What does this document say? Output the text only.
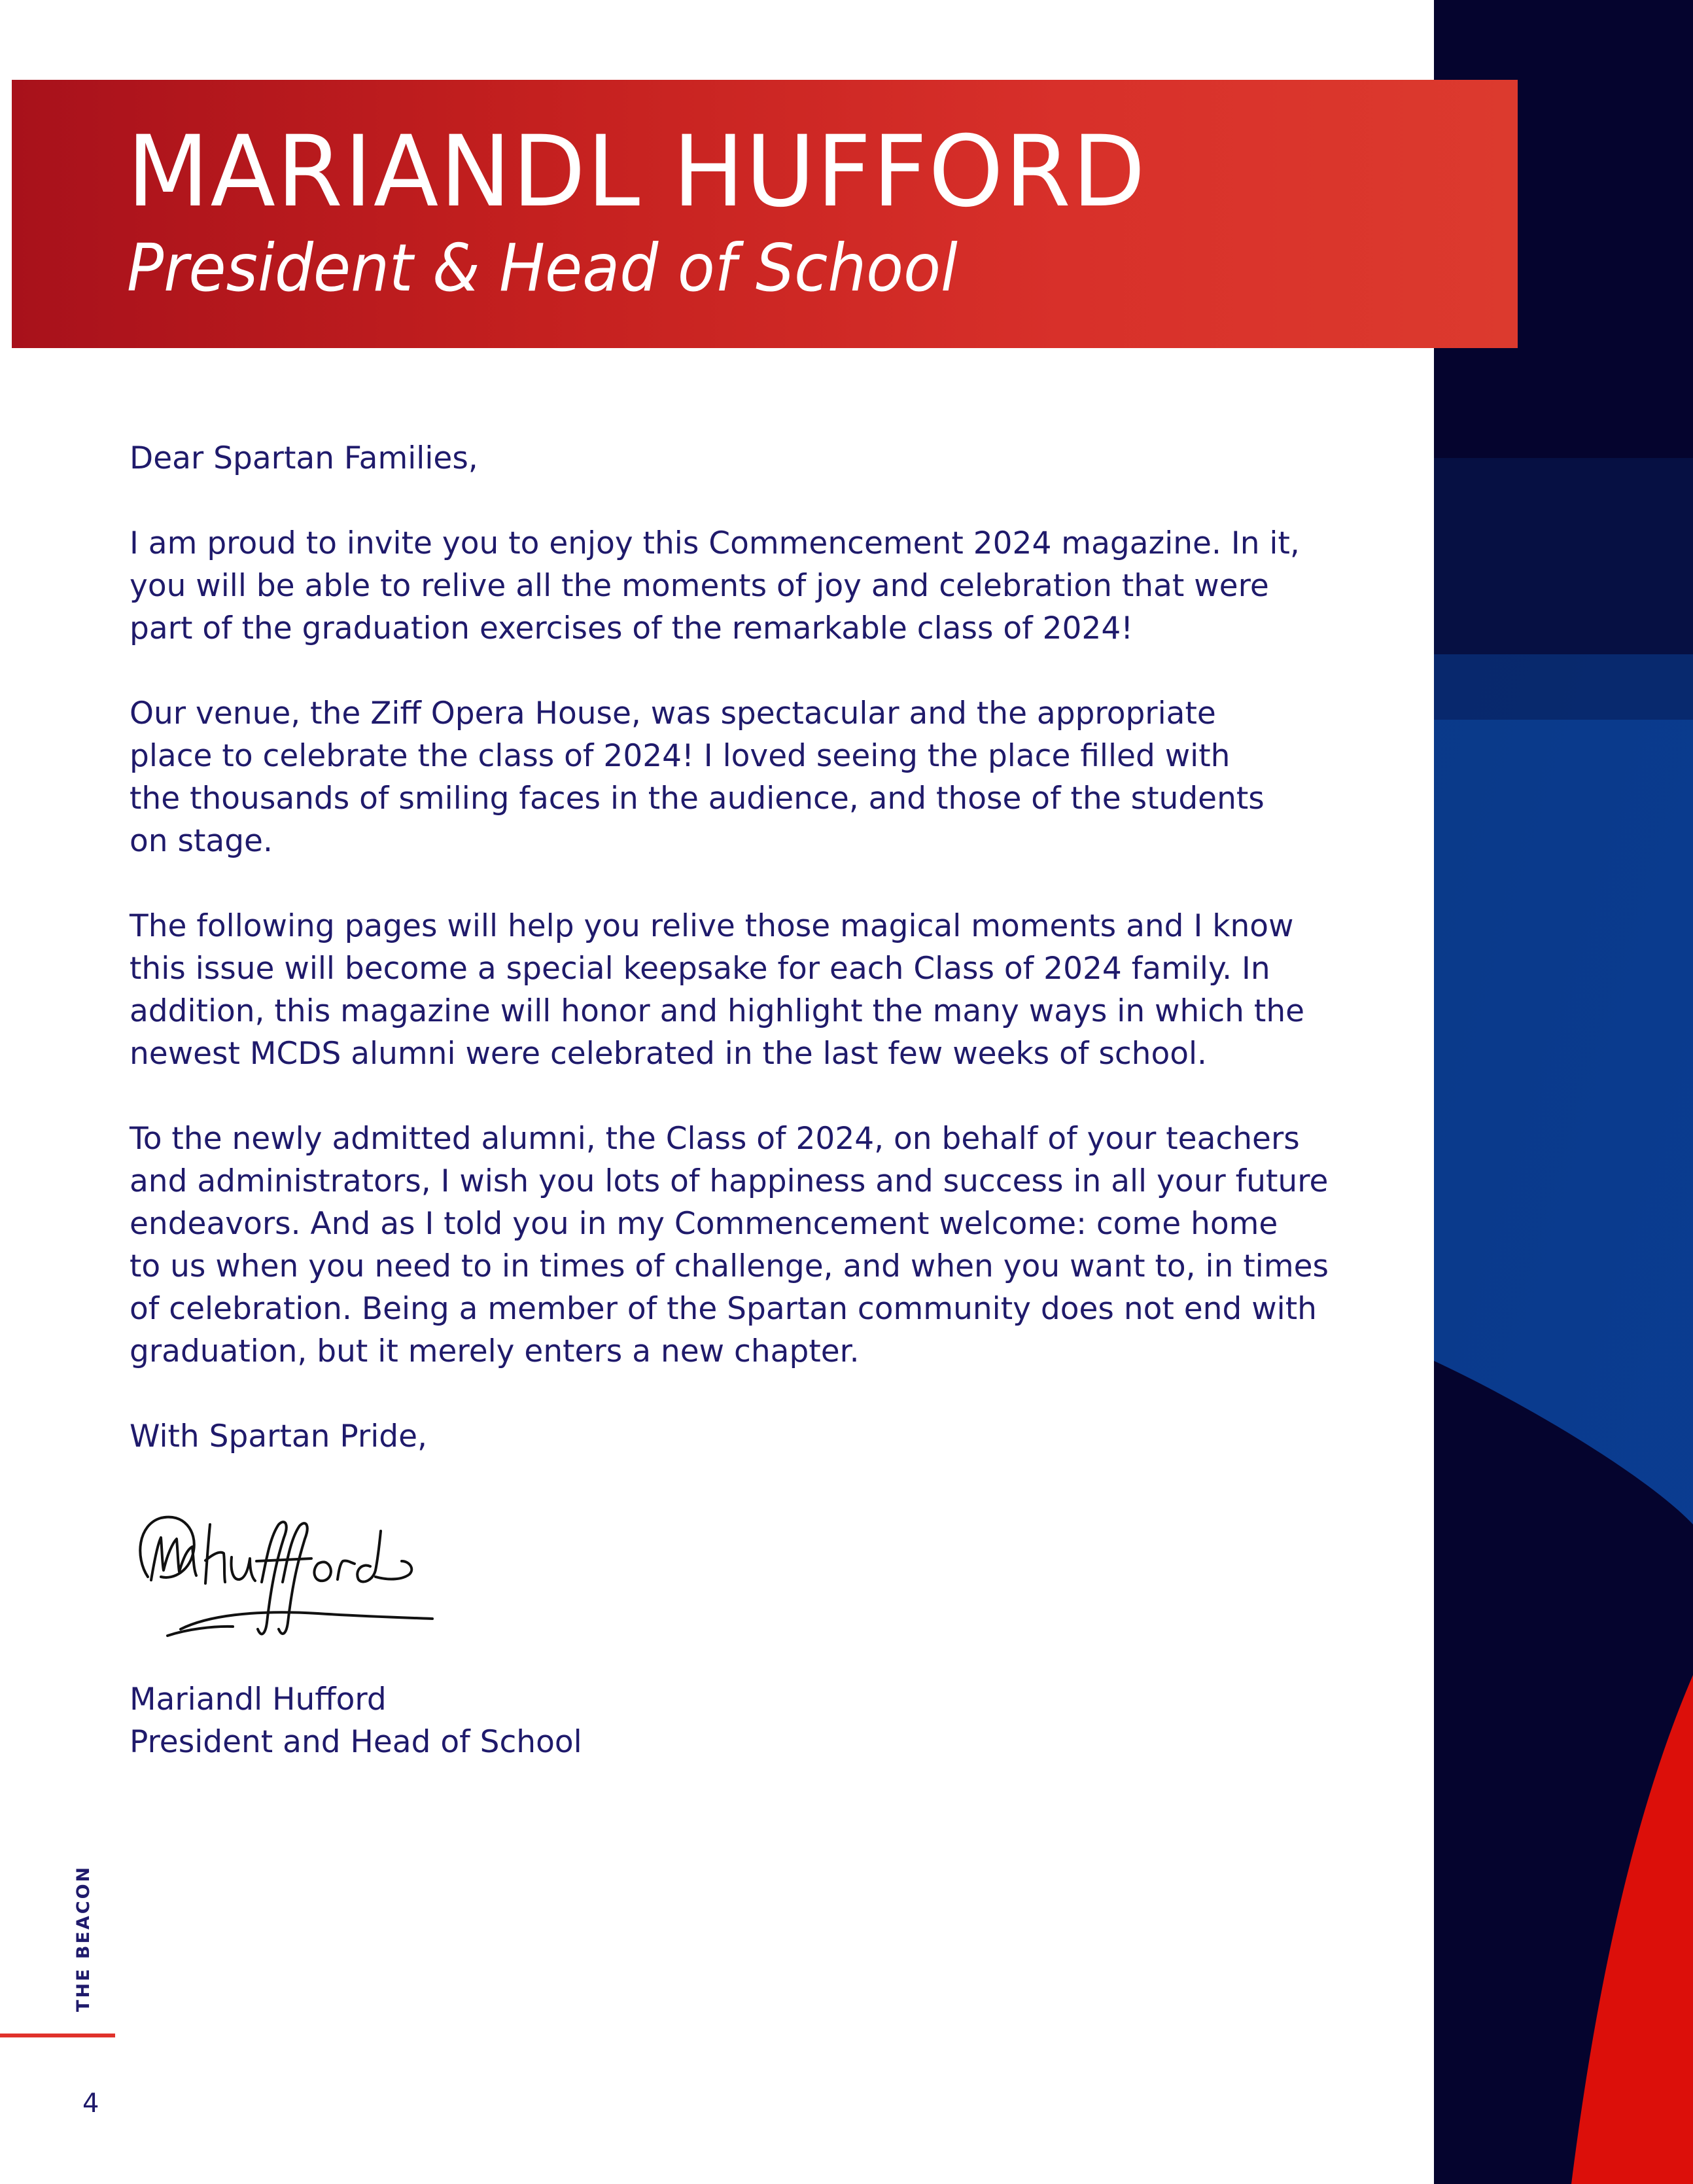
MARIANDL HUFFORD
President & Head of School

Dear Spartan Families,

I am proud to invite you to enjoy this Commencement 2024 magazine. In it,
you will be able to relive all the moments of joy and celebration that were
part of the graduation exercises of the remarkable class of 2024!

Our venue, the Ziff Opera House, was spectacular and the appropriate
place to celebrate the class of 2024! I loved seeing the place filled with
the thousands of smiling faces in the audience, and those of the students
on stage.

The following pages will help you relive those magical moments and I know
this issue will become a special keepsake for each Class of 2024 family. In
addition, this magazine will honor and highlight the many ways in which the
newest MCDS alumni were celebrated in the last few weeks of school.

To the newly admitted alumni, the Class of 2024, on behalf of your teachers
and administrators, I wish you lots of happiness and success in all your future
endeavors. And as I told you in my Commencement welcome: come home
to us when you need to in times of challenge, and when you want to, in times
of celebration. Being a member of the Spartan community does not end with
graduation, but it merely enters a new chapter.

With Spartan Pride,

Mariandl Hufford
President and Head of School
THE BEACON
4
